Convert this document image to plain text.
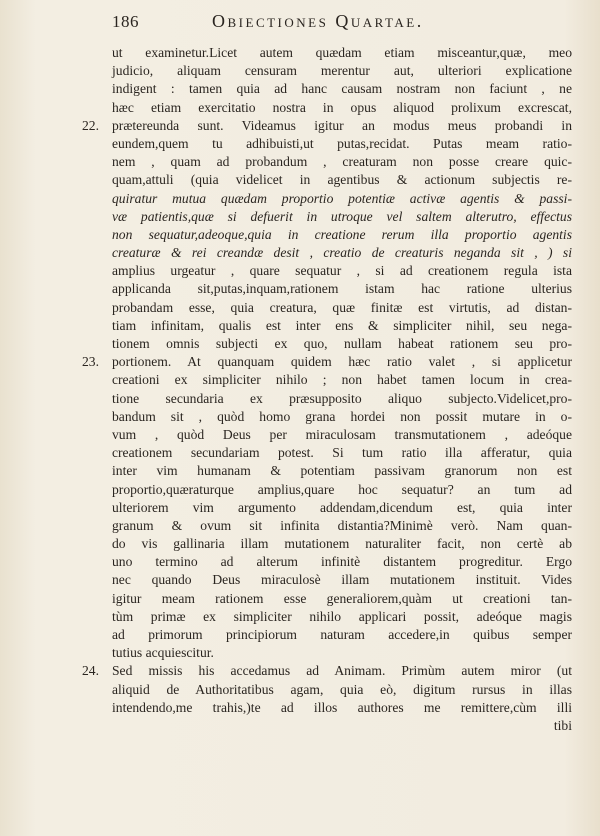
186	Obiectiones Quartae.
ut examinetur.Licet autem quædam etiam misceantur,quæ, meo
judicio, aliquam censuram merentur aut, ulteriori explicatione
indigent : tamen quia ad hanc causam nostram non faciunt , ne
hæc etiam exercitatio nostra in opus aliquod prolixum excrescat,
22. prætereunda sunt. Videamus igitur an modus meus probandi in
eundem,quem tu adhibuisti,ut putas,recidat. Putas meam ratio-
nem , quam ad probandum , creaturam non posse creare quic-
quam,attuli (quia videlicet in agentibus & actionum subjectis re-
quiratur mutua quædam proportio potentiæ activæ agentis & passi-
væ patientis,quæ si defuerit in utroque vel saltem alterutro, effectus
non sequatur,adeoque,quia in creatione rerum illa proportio agentis
creaturæ & rei creandæ desit , creatio de creaturis neganda sit , ) si
amplius urgeatur , quare sequatur , si ad creationem regula ista
applicanda sit,putas,inquam,rationem istam hac ratione ulterius
probandam esse, quia creatura, quæ finitæ est virtutis, ad distan-
tiam infinitam, qualis est inter ens & simpliciter nihil, seu nega-
tionem omnis subjecti ex quo, nullam habeat rationem seu pro-
23. portionem. At quanquam quidem hæc ratio valet , si applicetur
creationi ex simpliciter nihilo ; non habet tamen locum in crea-
tione secundaria ex præsupposito aliquo subjecto.Videlicet,pro-
bandum sit , quòd homo grana hordei non possit mutare in o-
vum , quòd Deus per miraculosam transmutationem , adeóque
creationem secundariam potest. Si tum ratio illa afferatur, quia
inter vim humanam & potentiam passivam granorum non est
proportio,quæraturque amplius,quare hoc sequatur? an tum ad
ulteriorem vim argumento addendam,dicendum est, quia inter
granum & ovum sit infinita distantia?Minimè verò. Nam quan-
do vis gallinaria illam mutationem naturaliter facit, non certè ab
uno termino ad alterum infinitè distantem progreditur. Ergo
nec quando Deus miraculosè illam mutationem instituit. Vides
igitur meam rationem esse generaliorem,quàm ut creationi tan-
tùm primæ ex simpliciter nihilo applicari possit, adeóque magis
ad primorum principiorum naturam accedere,in quibus semper
tutius acquiescitur.
24. Sed missis his accedamus ad Animam. Primùm autem miror (ut
aliquid de Authoritatibus agam, quia eò, digitum rursus in illas
intendendo,me trahis,)te ad illos authores me remittere,cùm illi
tibi
